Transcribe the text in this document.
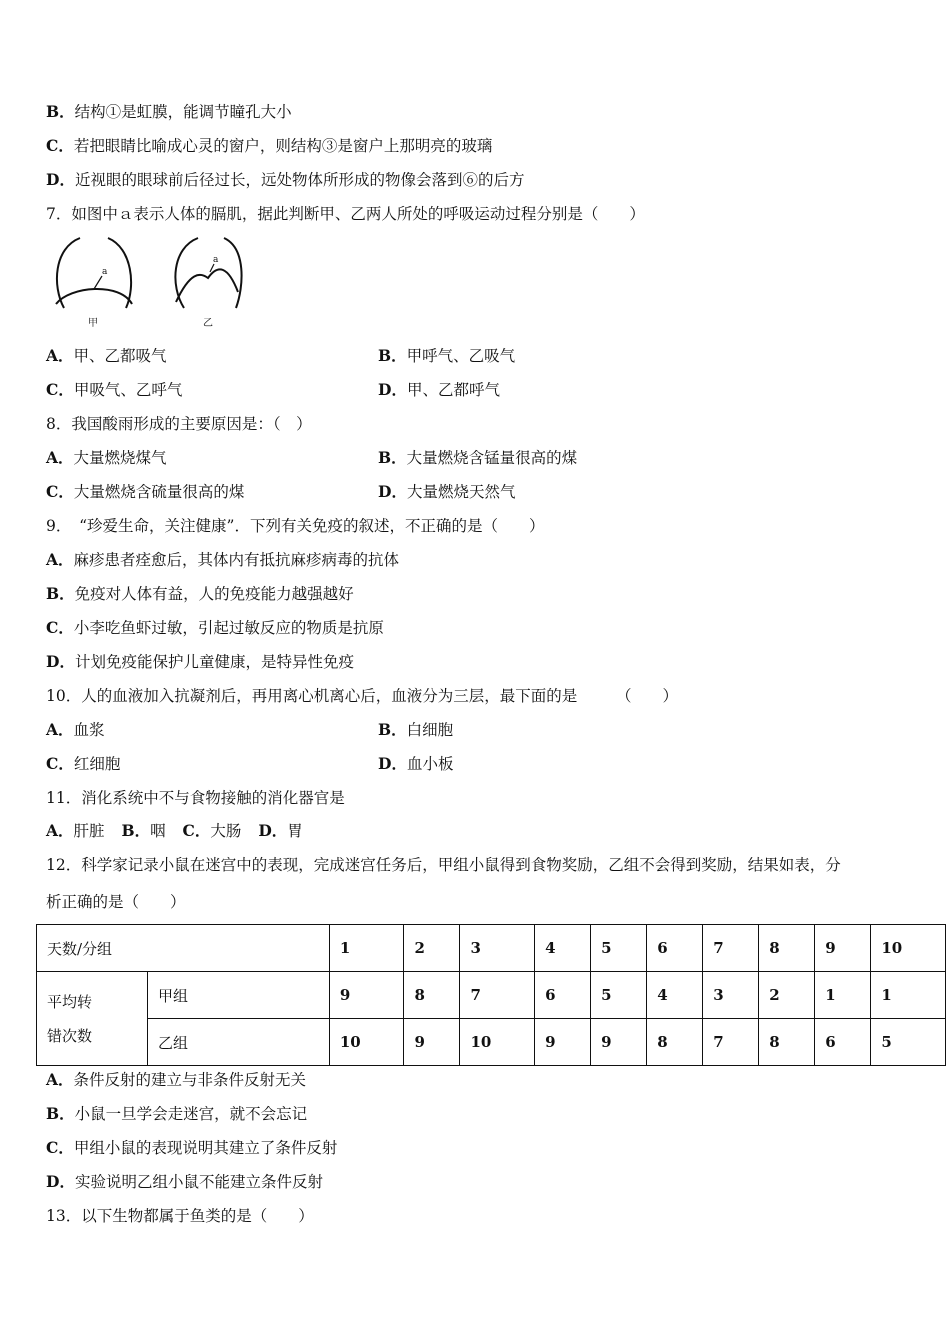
B．结构①是虹膜，能调节瞳孔大小
C．若把眼睛比喻成心灵的窗户，则结构③是窗户上那明亮的玻璃
D．近视眼的眼球前后径过长，远处物体所形成的物像会落到⑥的后方
7．如图中ａ表示人体的膈肌，据此判断甲、乙两人所处的呼吸运动过程分别是（　　）
a
甲
a
乙
A．甲、乙都吸气	B．甲呼气、乙吸气
C．甲吸气、乙呼气	D．甲、乙都呼气
8．我国酸雨形成的主要原因是：（　）
A．大量燃烧煤气	B．大量燃烧含锰量很高的煤
C．大量燃烧含硫量很高的煤	D．大量燃烧天然气
9．　“珍爱生命，关注健康”．下列有关免疫的叙述，不正确的是（　　）
A．麻疹患者痊愈后，其体内有抵抗麻疹病毒的抗体
B．免疫对人体有益，人的免疫能力越强越好
C．小李吃鱼虾过敏，引起过敏反应的物质是抗原
D．计划免疫能保护儿童健康，是特异性免疫
10．人的血液加入抗凝剂后，再用离心机离心后，血液分为三层，最下面的是　　　（　　）
A．血浆	B．白细胞
C．红细胞	D．血小板
11．消化系统中不与食物接触的消化器官是
A．肝脏 B．咽 C．大肠 D．胃
12．科学家记录小鼠在迷宫中的表现，完成迷宫任务后，甲组小鼠得到食物奖励，乙组不会得到奖励，结果如表，分
析正确的是（　　）
天数/分组		1	2	3	4	5	6	7	8	9	10
平均转
错次数	甲组	9	8	7	6	5	4	3	2	1	1
	乙组	10	9	10	9	9	8	7	8	6	5
A．条件反射的建立与非条件反射无关
B．小鼠一旦学会走迷宫，就不会忘记
C．甲组小鼠的表现说明其建立了条件反射
D．实验说明乙组小鼠不能建立条件反射
13．以下生物都属于鱼类的是（　　）
